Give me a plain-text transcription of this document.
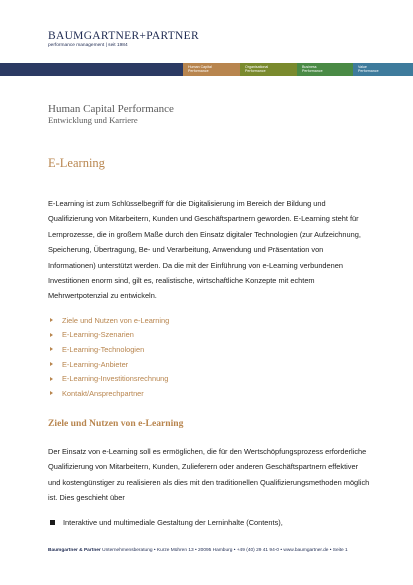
BAUMGARTNER+PARTNER
performance management | seit 1984
Human Capital
Performance
Organisational
Performance
Business
Performance
Value
Performance
Human Capital Performance
Entwicklung und Karriere
E-Learning
E-Learning ist zum Schlüsselbegriff für die Digitalisierung im Bereich der Bildung und Qualifizierung von Mitarbeitern, Kunden und Geschäftspartnern geworden. E-Learning steht für Lernprozesse, die in großem Maße durch den Einsatz digitaler Technologien (zur Aufzeichnung, Speicherung, Übertragung, Be- und Verarbeitung, Anwendung und Präsentation von Informationen) unterstützt werden. Da die mit der Einführung von e-Learning verbundenen Investitionen enorm sind, gilt es, realistische, wirtschaftliche Konzepte mit echtem Mehrwertpotenzial zu entwickeln.
Ziele und Nutzen von e-Learning
E-Learning-Szenarien
E-Learning-Technologien
E-Learning-Anbieter
E-Learning-Investitionsrechnung
Kontakt/Ansprechpartner
Ziele und Nutzen von e-Learning
Der Einsatz von e-Learning soll es ermöglichen, die für den Wertschöpfungsprozess erforderliche Qualifizierung von Mitarbeitern, Kunden, Zulieferern oder anderen Geschäftspartnern effektiver und kostengünstiger zu realisieren als dies mit den traditionellen Qualifizierungsmethoden möglich ist. Dies geschieht über
Interaktive und multimediale Gestaltung der Lerninhalte (Contents),
Baumgartner & Partner Unternehmensberatung • Kurze Mühren 13 • 20095 Hamburg • +49 (40) 29 41 94-0 • www.baumgartner.de • Seite 1
